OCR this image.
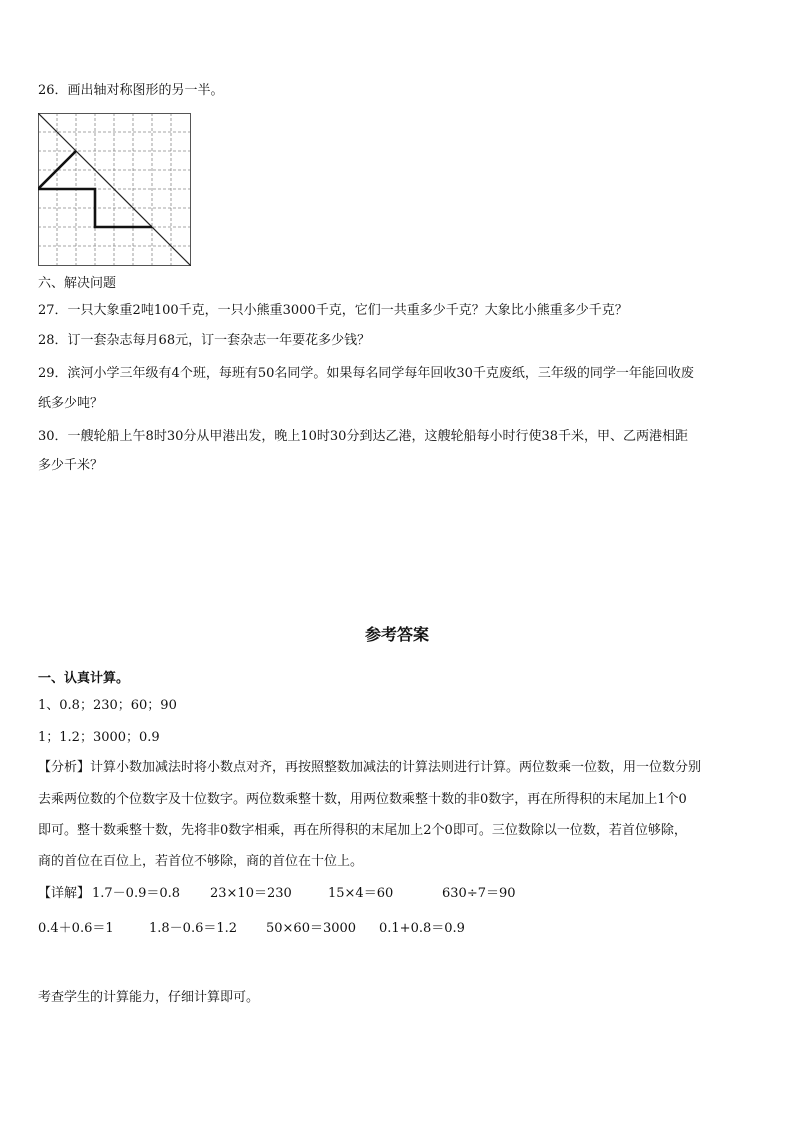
26．画出轴对称图形的另一半。
六、解决问题
27．一只大象重2吨100千克，一只小熊重3000千克，它们一共重多少千克？大象比小熊重多少千克？
28．订一套杂志每月68元，订一套杂志一年要花多少钱？
29．滨河小学三年级有4个班，每班有50名同学。如果每名同学每年回收30千克废纸，三年级的同学一年能回收废
纸多少吨？
30．一艘轮船上午8时30分从甲港出发，晚上10时30分到达乙港，这艘轮船每小时行使38千米，甲、乙两港相距
多少千米？
参考答案
一、认真计算。
1、0.8；230；60；90
1；1.2；3000；0.9
【分析】计算小数加减法时将小数点对齐，再按照整数加减法的计算法则进行计算。两位数乘一位数，用一位数分别
去乘两位数的个位数字及十位数字。两位数乘整十数，用两位数乘整十数的非0数字，再在所得积的末尾加上1个0
即可。整十数乘整十数，先将非0数字相乘，再在所得积的末尾加上2个0即可。三位数除以一位数，若首位够除，
商的首位在百位上，若首位不够除，商的首位在十位上。
【详解】 1.7－0.9＝0.8 23×10＝230	15×4＝60	630÷7＝90
0.4＋0.6＝1	1.8－0.6＝1.2 50×60＝3000 0.1+0.8＝0.9
考查学生的计算能力，仔细计算即可。
